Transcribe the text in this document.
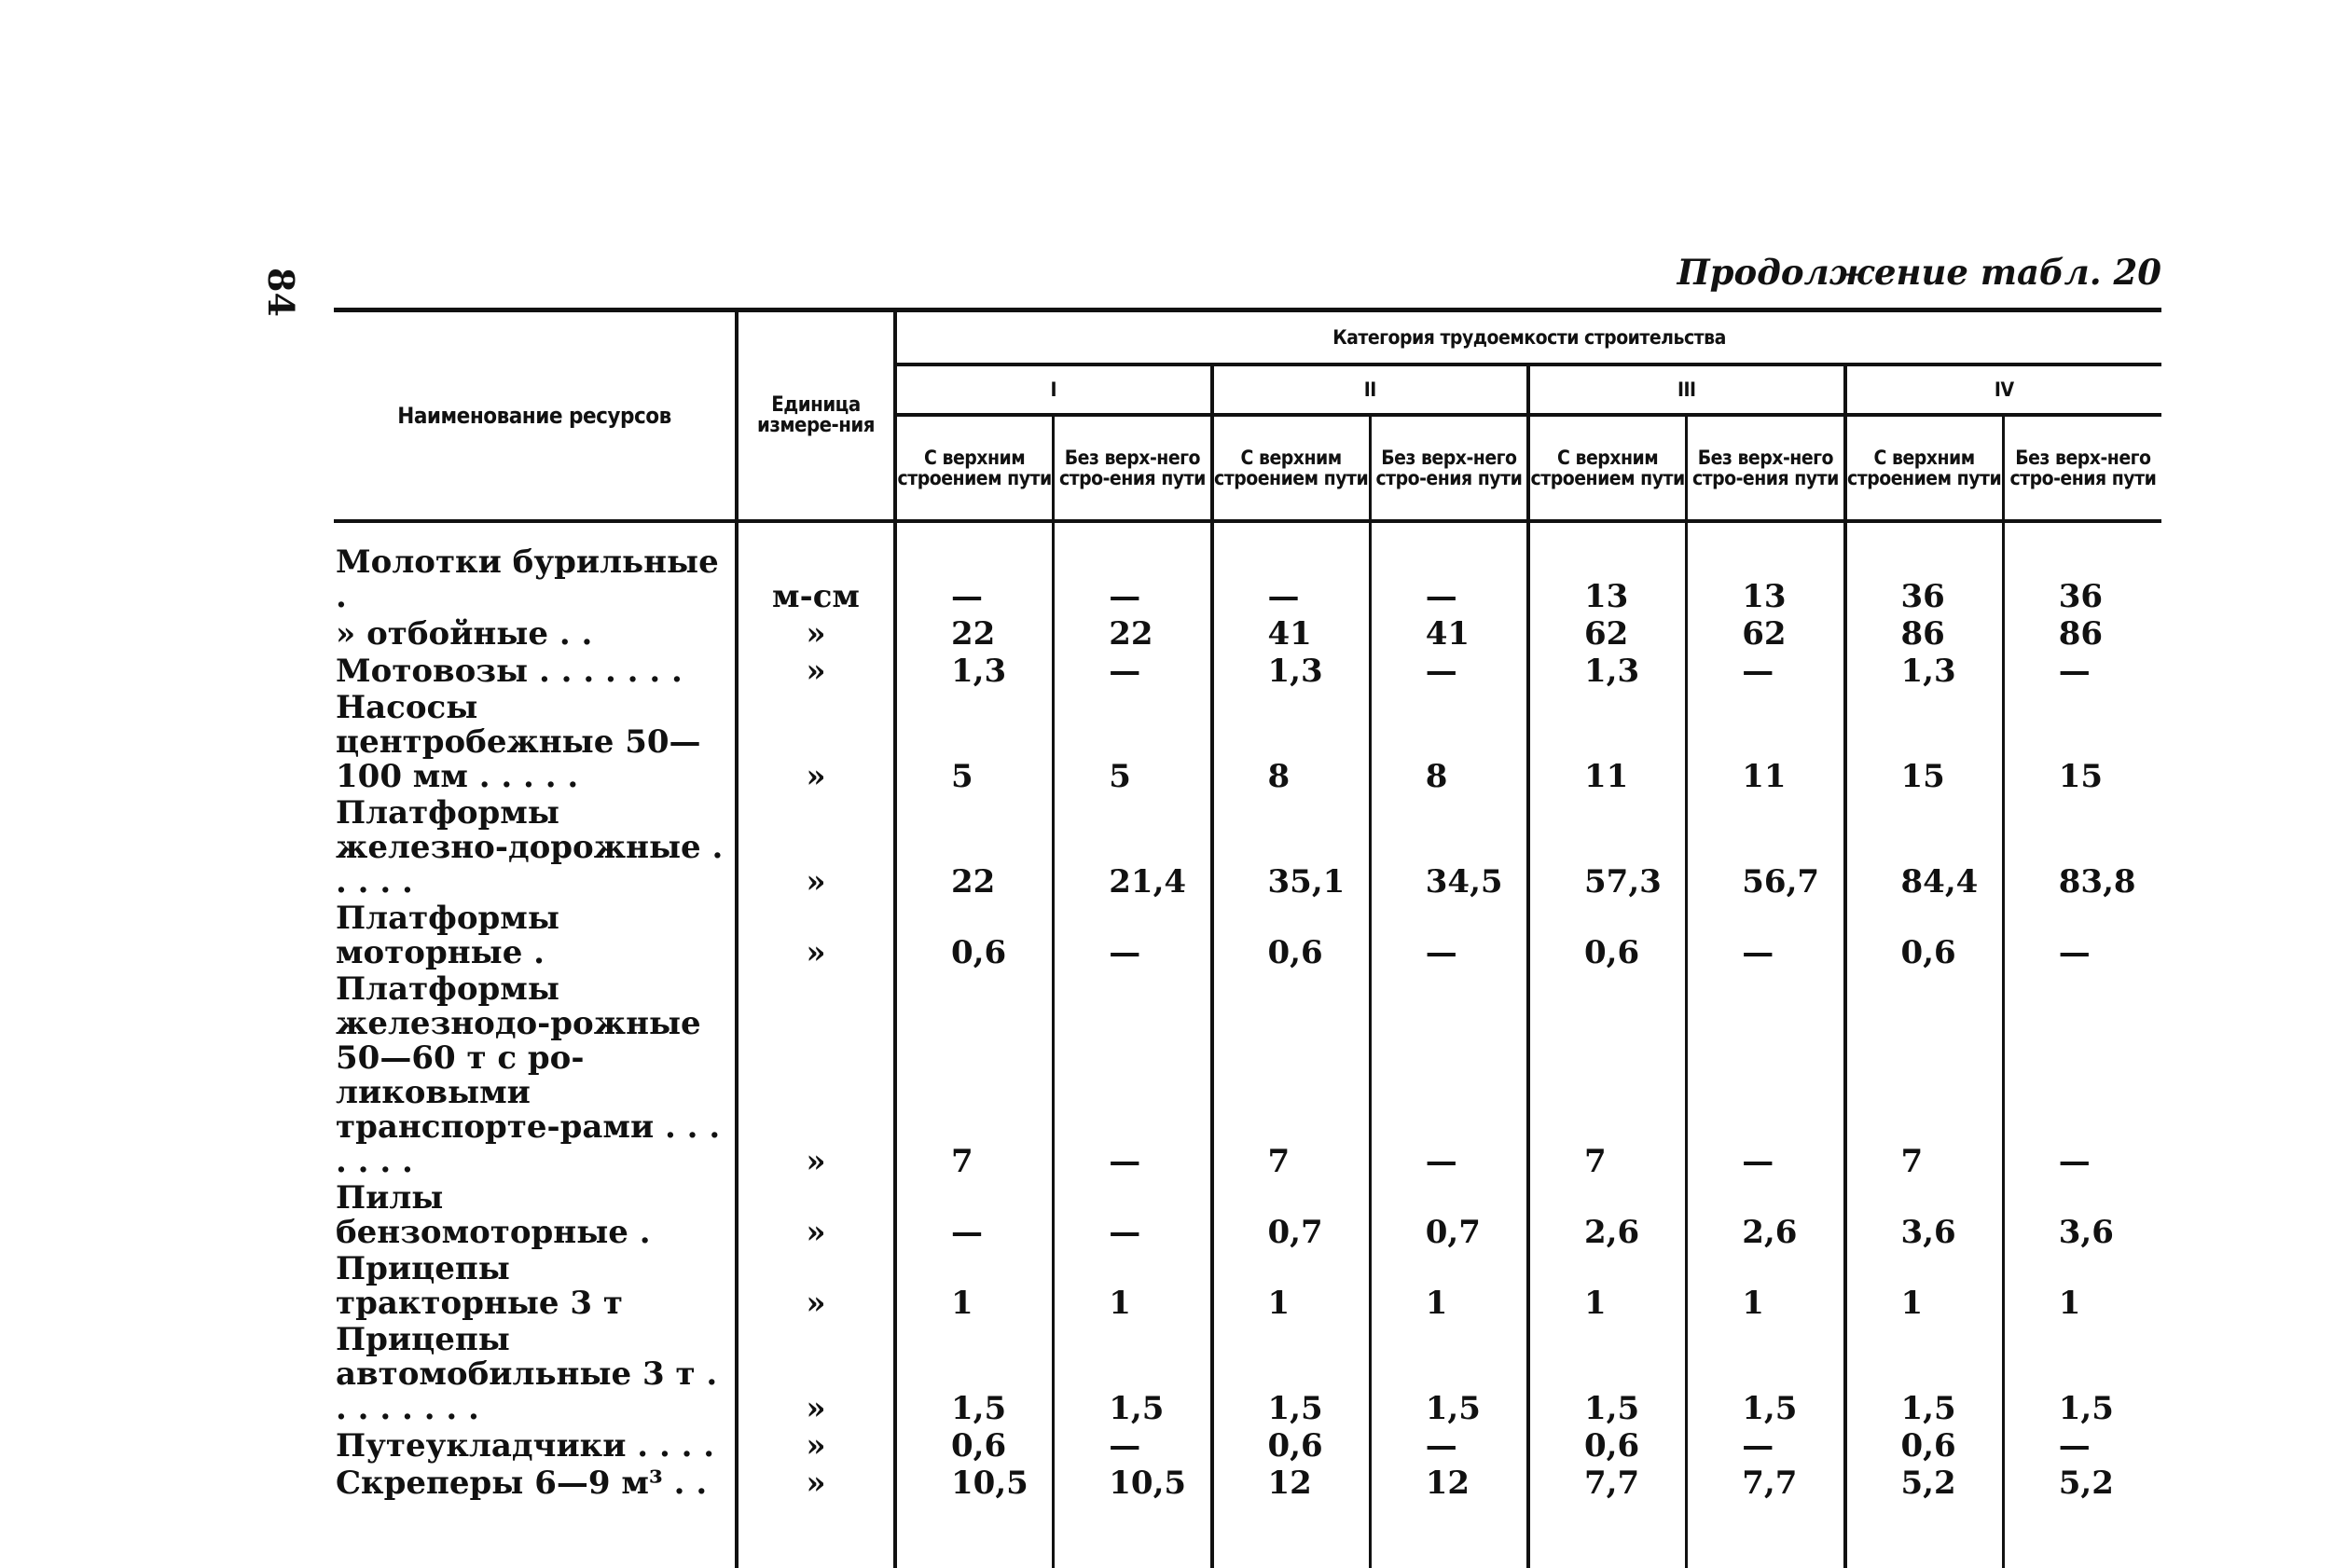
84	Продолжение табл. 20
Наименование ресурсов	Единица измере-ния	Категория трудоемкости строительства							
		I		II		III		IV	
		С верхним строением пути	Без верх-него стро-ения пути	С верхним строением пути	Без верх-него стро-ения пути	С верхним строением пути	Без верх-него стро-ения пути	С верхним строением пути	Без верх-него стро-ения пути

Молотки бурильные .	м-см	—	—	—	—	13	13	36	36
» отбойные . .	»	22	22	41	41	62	62	86	86
Мотовозы . . . . . . .	»	1,3	—	1,3	—	1,3	—	1,3	—
Насосы центробежные 50—100 мм . . . . .	»	5	5	8	8	11	11	15	15
Платформы железно-дорожные . . . . .	»	22	21,4	35,1	34,5	57,3	56,7	84,4	83,8
Платформы моторные .	»	0,6	—	0,6	—	0,6	—	0,6	—
Платформы железнодо-рожные 50—60 т с ро-ликовыми транспорте-рами . . . . . . .	»	7	—	7	—	7	—	7	—
Пилы бензомоторные .	»	—	—	0,7	0,7	2,6	2,6	3,6	3,6
Прицепы тракторные 3 т	»	1	1	1	1	1	1	1	1
Прицепы автомобильные 3 т . . . . . . . .	»	1,5	1,5	1,5	1,5	1,5	1,5	1,5	1,5
Путеукладчики . . . .	»	0,6	—	0,6	—	0,6	—	0,6	—
Скреперы 6—9 м³ . .	»	10,5	10,5	12	12	7,7	7,7	5,2	5,2
